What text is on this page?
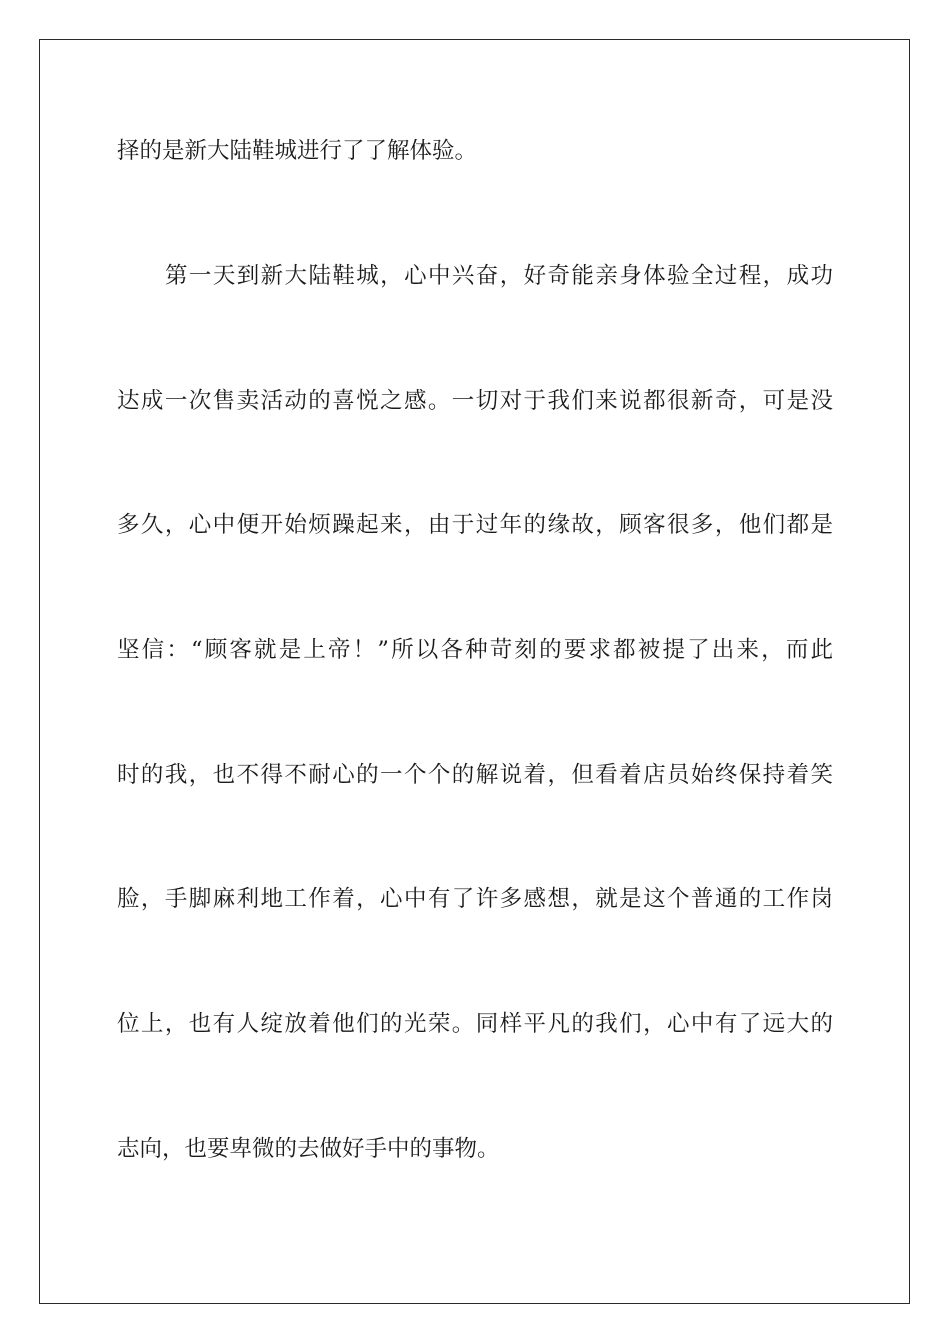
择的是新大陆鞋城进行了了解体验。
第一天到新大陆鞋城，心中兴奋，好奇能亲身体验全过程，成功
达成一次售卖活动的喜悦之感。一切对于我们来说都很新奇，可是没
多久，心中便开始烦躁起来，由于过年的缘故，顾客很多，他们都是
坚信：“顾客就是上帝！”所以各种苛刻的要求都被提了出来，而此
时的我，也不得不耐心的一个个的解说着，但看着店员始终保持着笑
脸，手脚麻利地工作着，心中有了许多感想，就是这个普通的工作岗
位上，也有人绽放着他们的光荣。同样平凡的我们，心中有了远大的
志向，也要卑微的去做好手中的事物。
